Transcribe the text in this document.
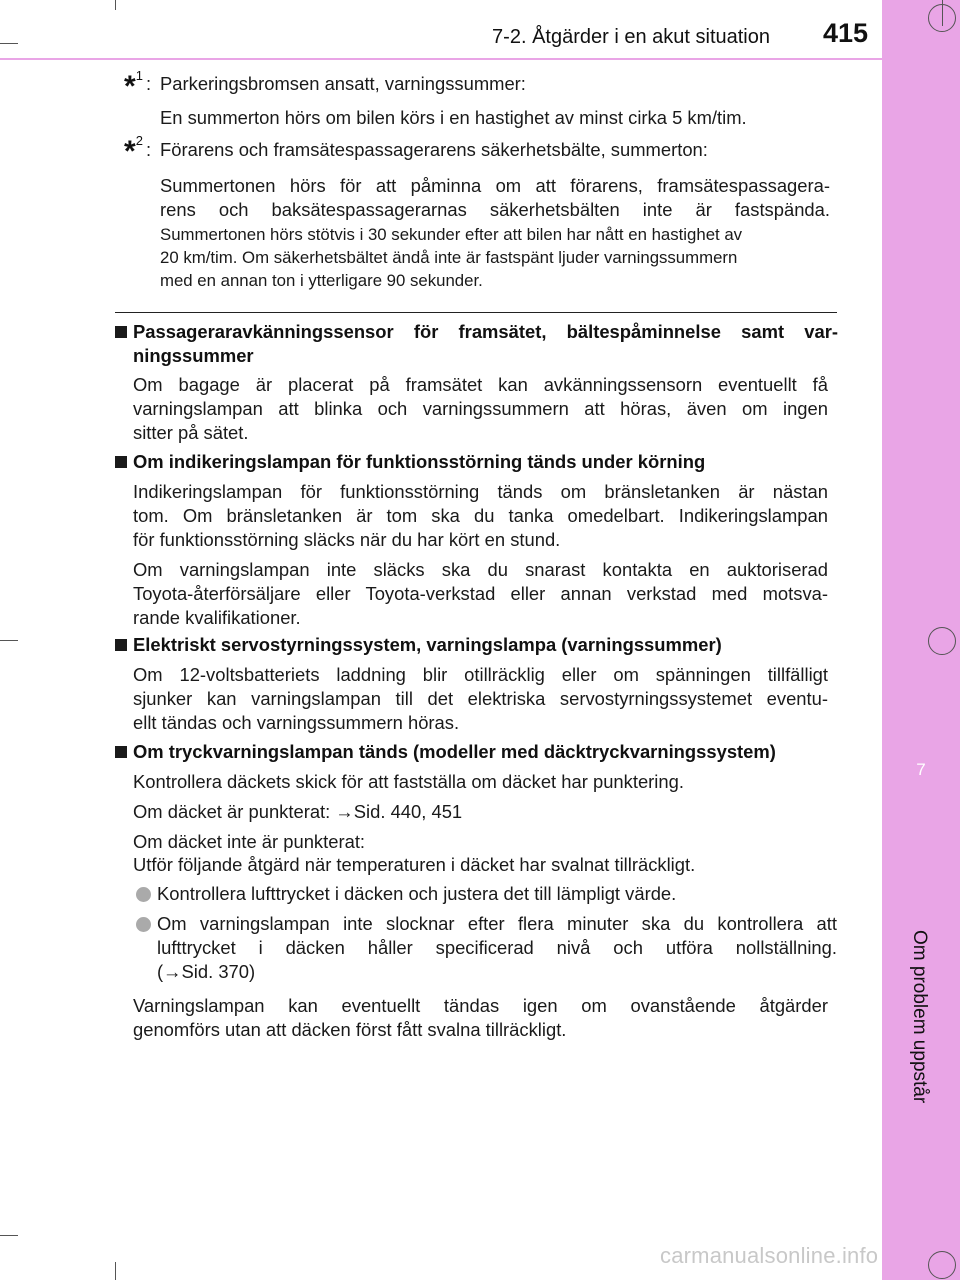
7
Om problem uppstår
7-2. Åtgärder i en akut situation	415
*$^1$ : Parkeringsbromsen ansatt, varningssummer:
En summerton hörs om bilen körs i en hastighet av minst cirka 5 km/tim.
*$^2$ : Förarens och framsätespassagerarens säkerhetsbälte, summerton:
Summertonen hörs för att påminna om att förarens, framsätespassagera-
rens och baksätespassagerarnas säkerhetsbälten inte är fastspända.
Summertonen hörs stötvis i 30 sekunder efter att bilen har nått en hastighet av
20 km/tim. Om säkerhetsbältet ändå inte är fastspänt ljuder varningssummern
med en annan ton i ytterligare 90 sekunder.
Passageraravkänningssensor för framsätet, bältespåminnelse samt var-
ningssummer
Om bagage är placerat på framsätet kan avkänningssensorn eventuellt få
varningslampan att blinka och varningssummern att höras, även om ingen
sitter på sätet.
Om indikeringslampan för funktionsstörning tänds under körning
Indikeringslampan för funktionsstörning tänds om bränsletanken är nästan
tom. Om bränsletanken är tom ska du tanka omedelbart. Indikeringslampan
för funktionsstörning släcks när du har kört en stund.
Om varningslampan inte släcks ska du snarast kontakta en auktoriserad
Toyota-återförsäljare eller Toyota-verkstad eller annan verkstad med motsva-
rande kvalifikationer.
Elektriskt servostyrningssystem, varningslampa (varningssummer)
Om 12-voltsbatteriets laddning blir otillräcklig eller om spänningen tillfälligt
sjunker kan varningslampan till det elektriska servostyrningssystemet eventu-
ellt tändas och varningssummern höras.
Om tryckvarningslampan tänds (modeller med däcktryckvarningssystem)
Kontrollera däckets skick för att fastställa om däcket har punktering.
Om däcket är punkterat: →Sid. 440, 451
Om däcket inte är punkterat:
Utför följande åtgärd när temperaturen i däcket har svalnat tillräckligt.
Kontrollera lufttrycket i däcken och justera det till lämpligt värde.
Om varningslampan inte slocknar efter flera minuter ska du kontrollera att
lufttrycket i däcken håller specificerad nivå och utföra nollställning.
(→Sid. 370)
Varningslampan kan eventuellt tändas igen om ovanstående åtgärder
genomförs utan att däcken först fått svalna tillräckligt.
carmanualsonline.info
